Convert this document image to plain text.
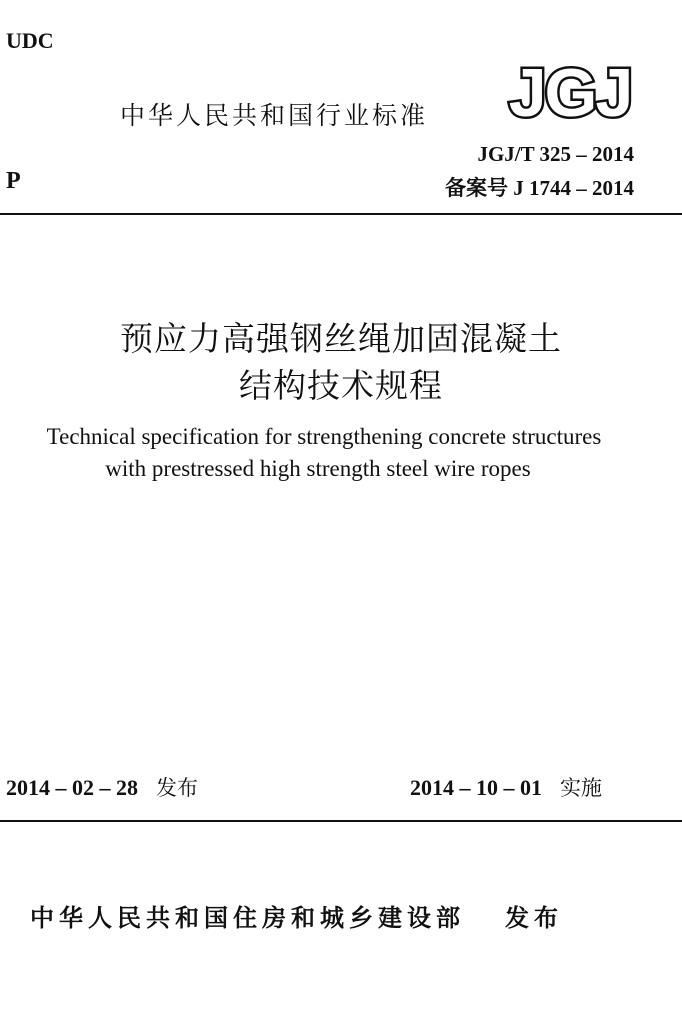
UDC
中华人民共和国行业标准 JGJ
P
JGJ/T 325 – 2014
备案号 J 1744 – 2014
预应力高强钢丝绳加固混凝土
结构技术规程
Technical specification for strengthening concrete structures
with prestressed high strength steel wire ropes
2014 – 02 – 28 发布	2014 – 10 – 01 实施
中华人民共和国住房和城乡建设部 发布
